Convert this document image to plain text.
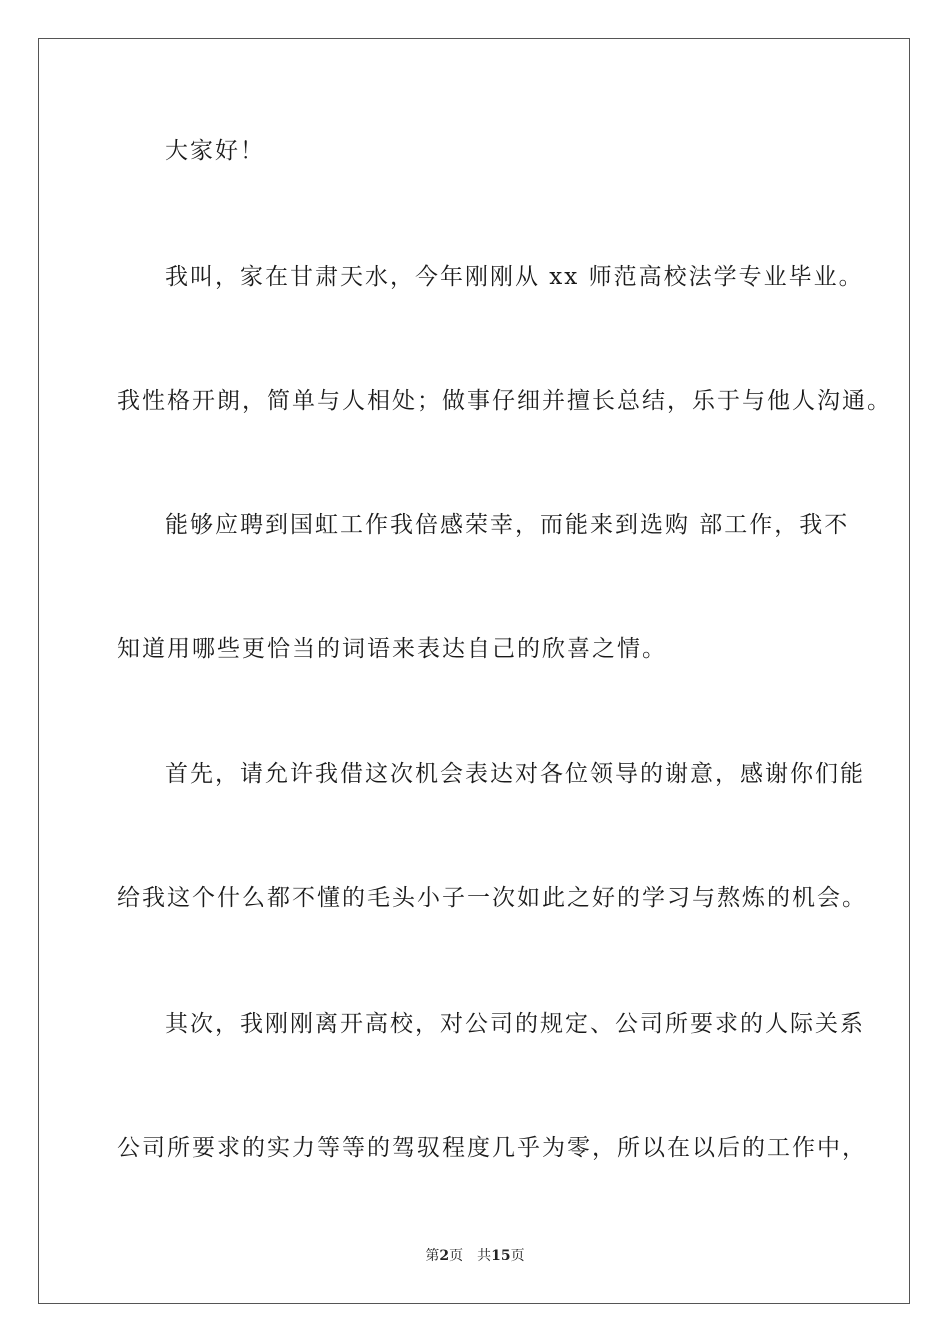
大家好！
我叫，家在甘肃天水，今年刚刚从 xx 师范高校法学专业毕业。
我性格开朗，简单与人相处；做事仔细并擅长总结，乐于与他人沟通。
能够应聘到国虹工作我倍感荣幸，而能来到选购 部工作，我不
知道用哪些更恰当的词语来表达自己的欣喜之情。
首先，请允许我借这次机会表达对各位领导的谢意，感谢你们能
给我这个什么都不懂的毛头小子一次如此之好的学习与熬炼的机会。
其次，我刚刚离开高校，对公司的规定、公司所要求的人际关系
公司所要求的实力等等的驾驭程度几乎为零，所以在以后的工作中，
第2页 共15页
